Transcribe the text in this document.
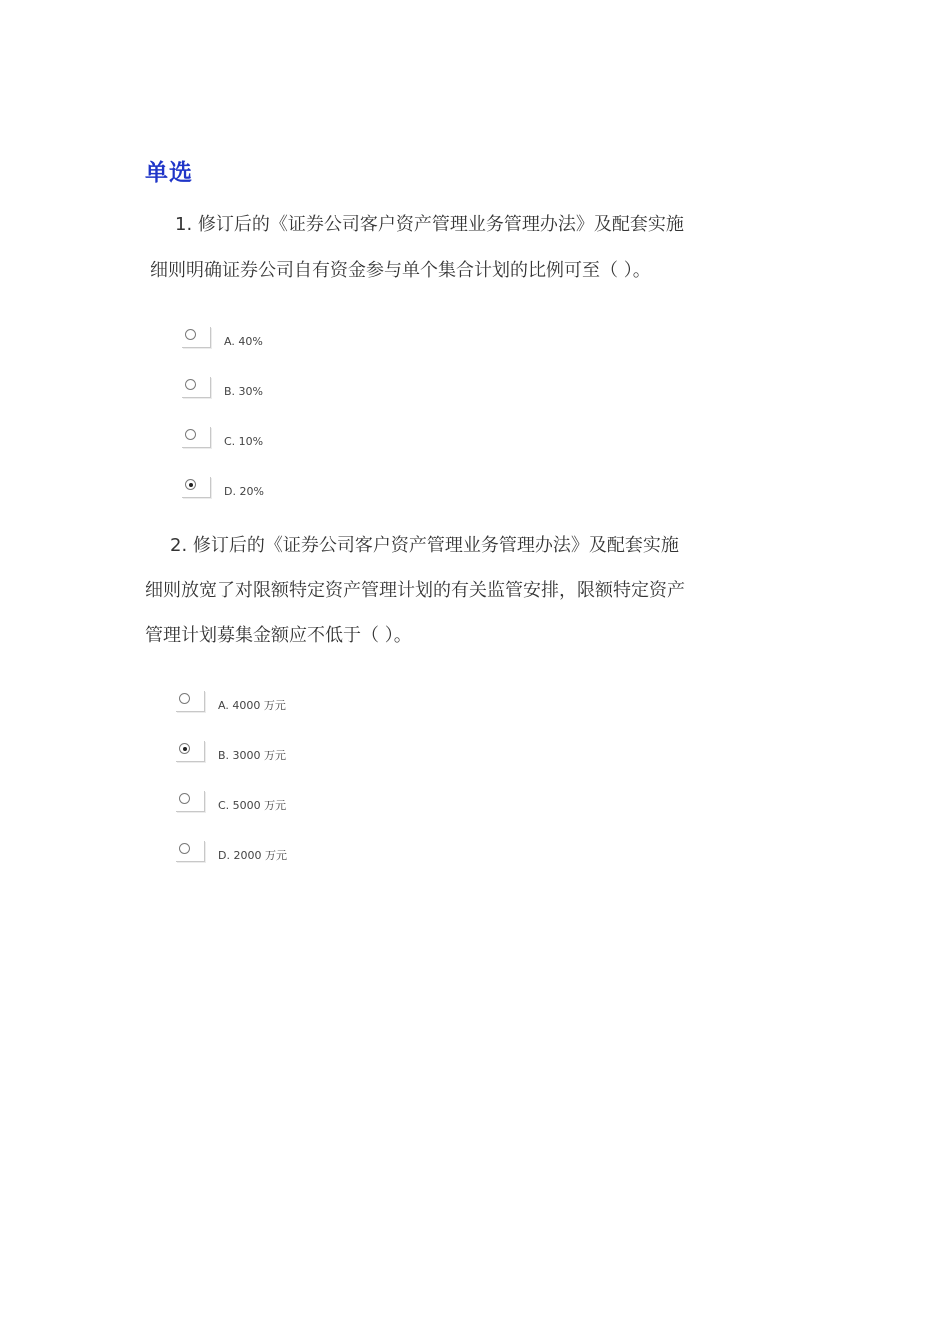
单选
1. 修订后的《证券公司客户资产管理业务管理办法》及配套实施
细则明确证券公司自有资金参与单个集合计划的比例可至（ ）。
A. 40%
B. 30%
C. 10%
D. 20%
2. 修订后的《证券公司客户资产管理业务管理办法》及配套实施
细则放宽了对限额特定资产管理计划的有关监管安排，限额特定资产
管理计划募集金额应不低于（ ）。
A. 4000 万元
B. 3000 万元
C. 5000 万元
D. 2000 万元
